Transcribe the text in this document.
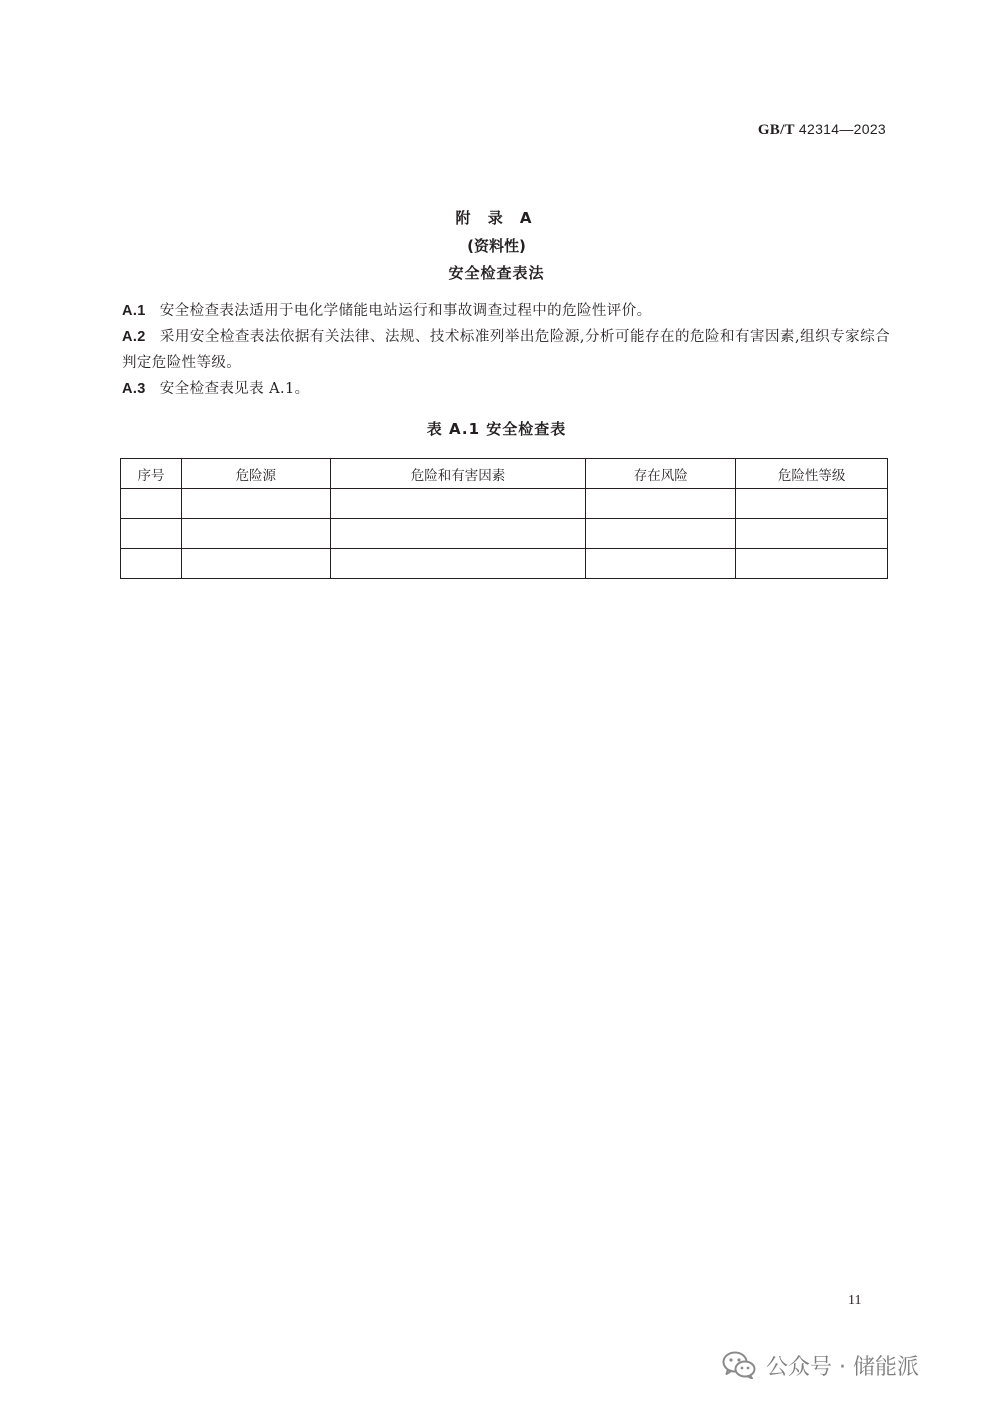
GB/T 42314—2023
附 录 A
(资料性)
安全检查表法
A.1 安全检查表法适用于电化学储能电站运行和事故调查过程中的危险性评价。
A.2 采用安全检查表法依据有关法律、法规、技术标准列举出危险源,分析可能存在的危险和有害因素,组织专家综合判定危险性等级。
A.3 安全检查表见表 A.1。
表 A.1 安全检查表
序号	危险源	危险和有害因素	存在风险	危险性等级

11
公众号 · 储能派
